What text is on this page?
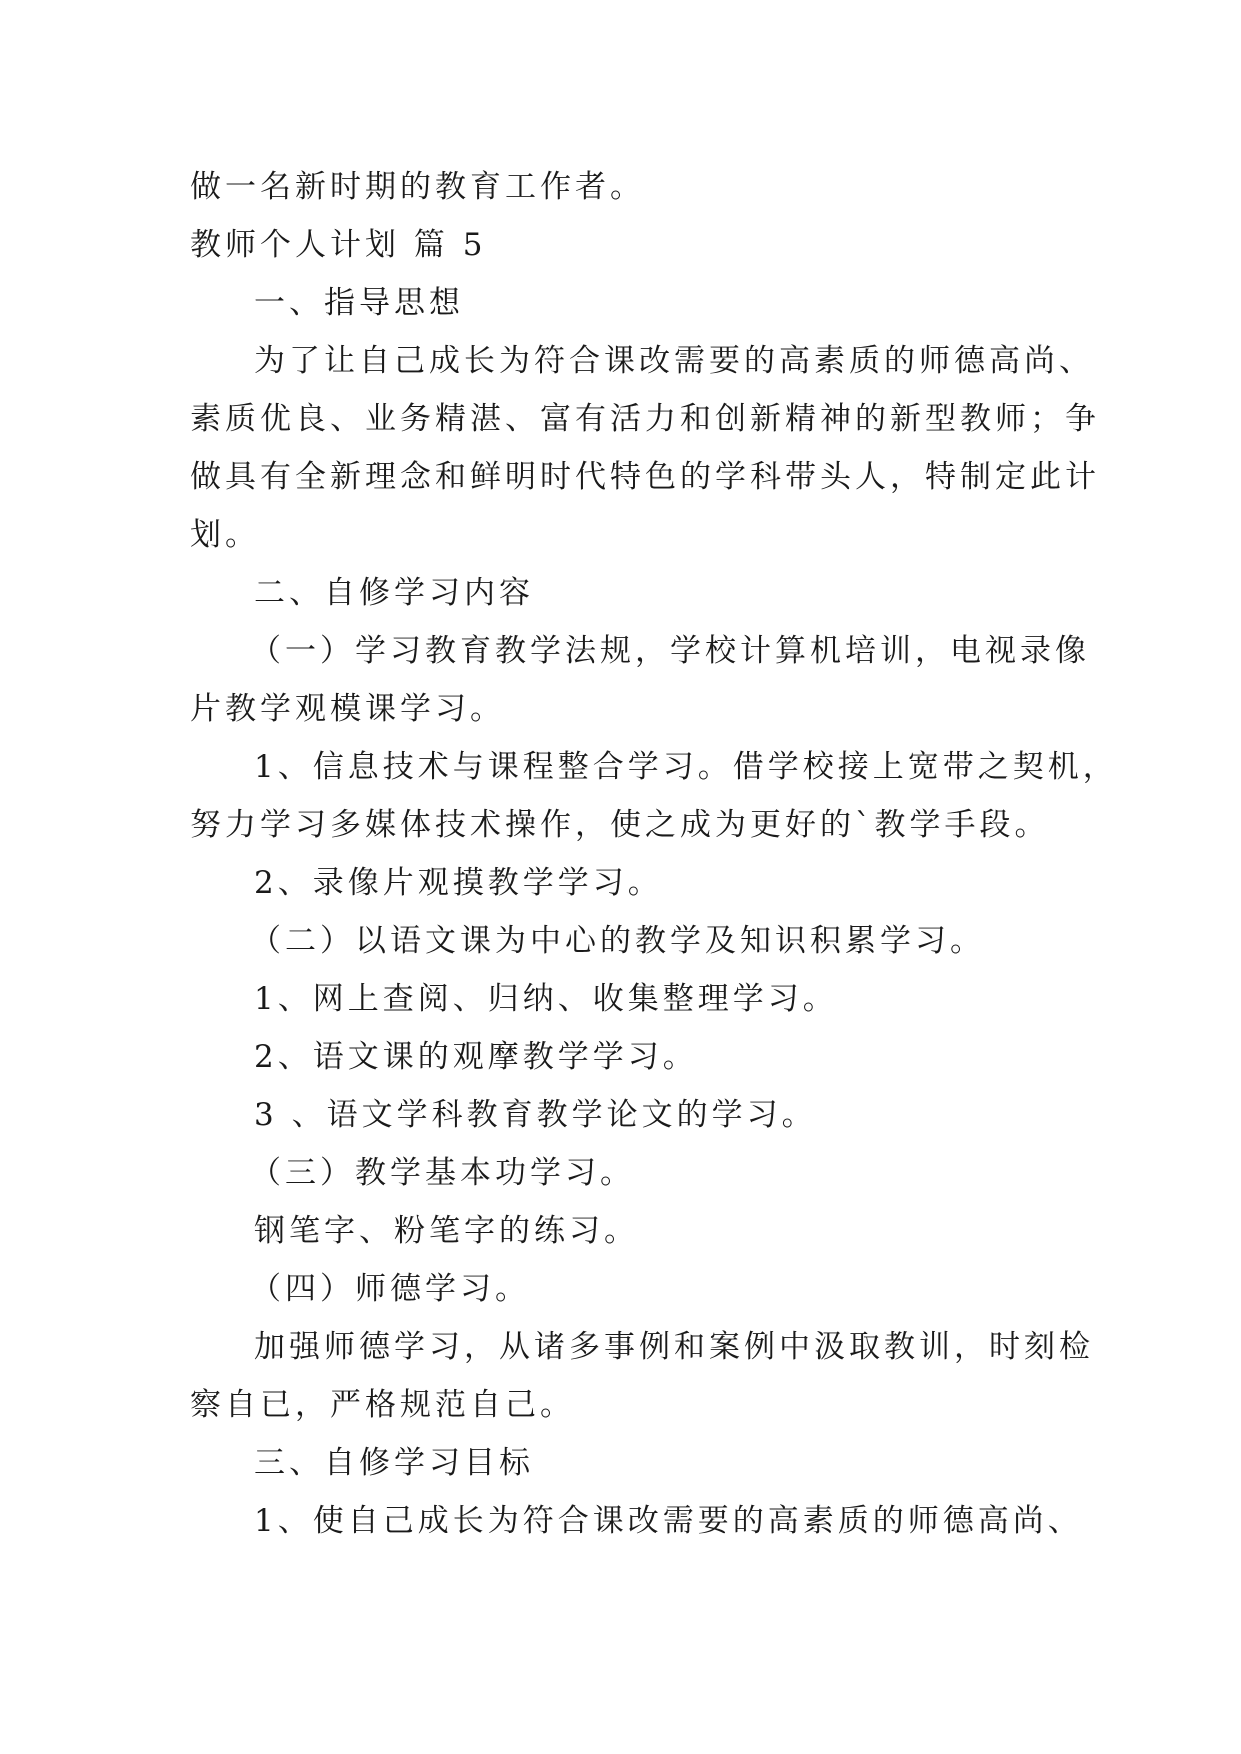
做一名新时期的教育工作者。
教师个人计划 篇 5
一、指导思想
为了让自己成长为符合课改需要的高素质的师德高尚、
素质优良、业务精湛、富有活力和创新精神的新型教师；争
做具有全新理念和鲜明时代特色的学科带头人，特制定此计
划。
二、自修学习内容
（一）学习教育教学法规，学校计算机培训，电视录像
片教学观模课学习。
1、信息技术与课程整合学习。借学校接上宽带之契机，
努力学习多媒体技术操作，使之成为更好的`教学手段。
2、录像片观摸教学学习。
（二）以语文课为中心的教学及知识积累学习。
1、网上查阅、归纳、收集整理学习。
2、语文课的观摩教学学习。
3 、语文学科教育教学论文的学习。
（三）教学基本功学习。
钢笔字、粉笔字的练习。
（四）师德学习。
加强师德学习，从诸多事例和案例中汲取教训，时刻检
察自已，严格规范自己。
三、自修学习目标
1、使自己成长为符合课改需要的高素质的师德高尚、
